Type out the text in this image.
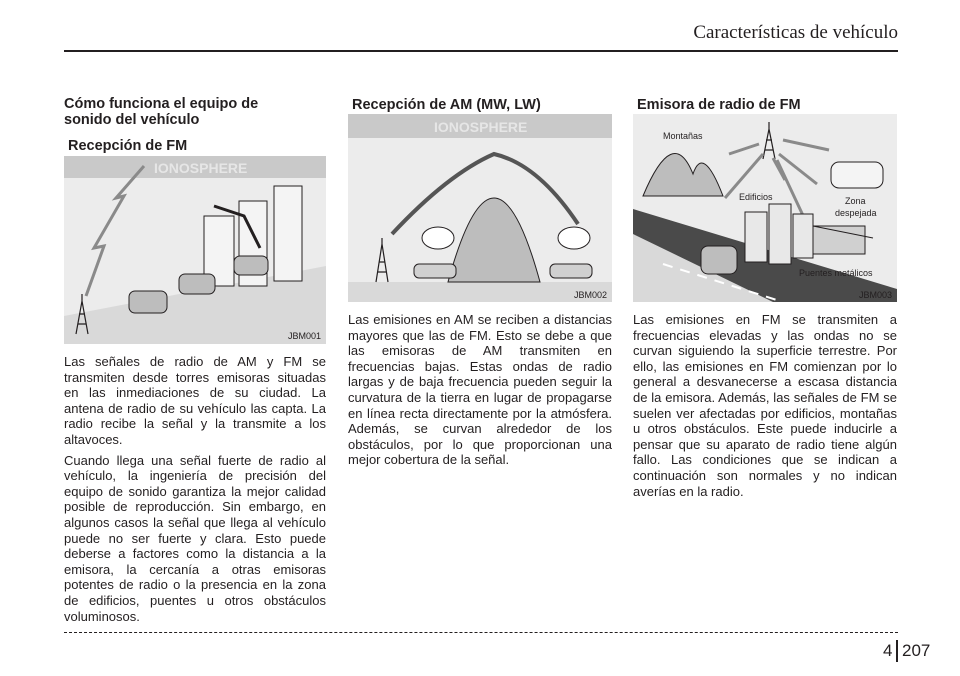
Características de vehículo
Cómo funciona el equipo de sonido del vehículo
Recepción de FM
IONOSPHERE
JBM001

Las señales de radio de AM y FM se transmiten desde torres emisoras situadas en las inmediaciones de su ciudad. La antena de radio de su vehículo las capta. La radio recibe la señal y la transmite a los altavoces.
Cuando llega una señal fuerte de radio al vehículo, la ingeniería de precisión del equipo de sonido garantiza la mejor calidad posible de reproducción. Sin embargo, en algunos casos la señal que llega al vehículo puede no ser fuerte y clara. Esto puede deberse a factores como la distancia a la emisora, la cercanía a otras emisoras potentes de radio o la presencia en la zona de edificios, puentes u otros obstáculos voluminosos.

Recepción de AM (MW, LW)
IONOSPHERE
JBM002

Las emisiones en AM se reciben a distancias mayores que las de FM. Esto se debe a que las emisoras de AM transmiten en frecuencias bajas. Estas ondas de radio largas y de baja frecuencia pueden seguir la curvatura de la tierra en lugar de propagarse en línea recta directamente por la atmósfera. Además, se curvan alrededor de los obstáculos, por lo que proporcionan una mejor cobertura de la señal.

Emisora de radio de FM
Montañas
Edificios	Zona
despejada
Puentes metálicos
JBM003

Las emisiones en FM se transmiten a frecuencias elevadas y las ondas no se curvan siguiendo la superficie terrestre. Por ello, las emisiones en FM comienzan por lo general a desvanecerse a escasa distancia de la emisora. Además, las señales de FM se suelen ver afectadas por edificios, montañas u otros obstáculos. Este puede inducirle a pensar que su aparato de radio tiene algún fallo. Las condiciones que se indican a continuación son normales y no indican averías en la radio.

4 207
